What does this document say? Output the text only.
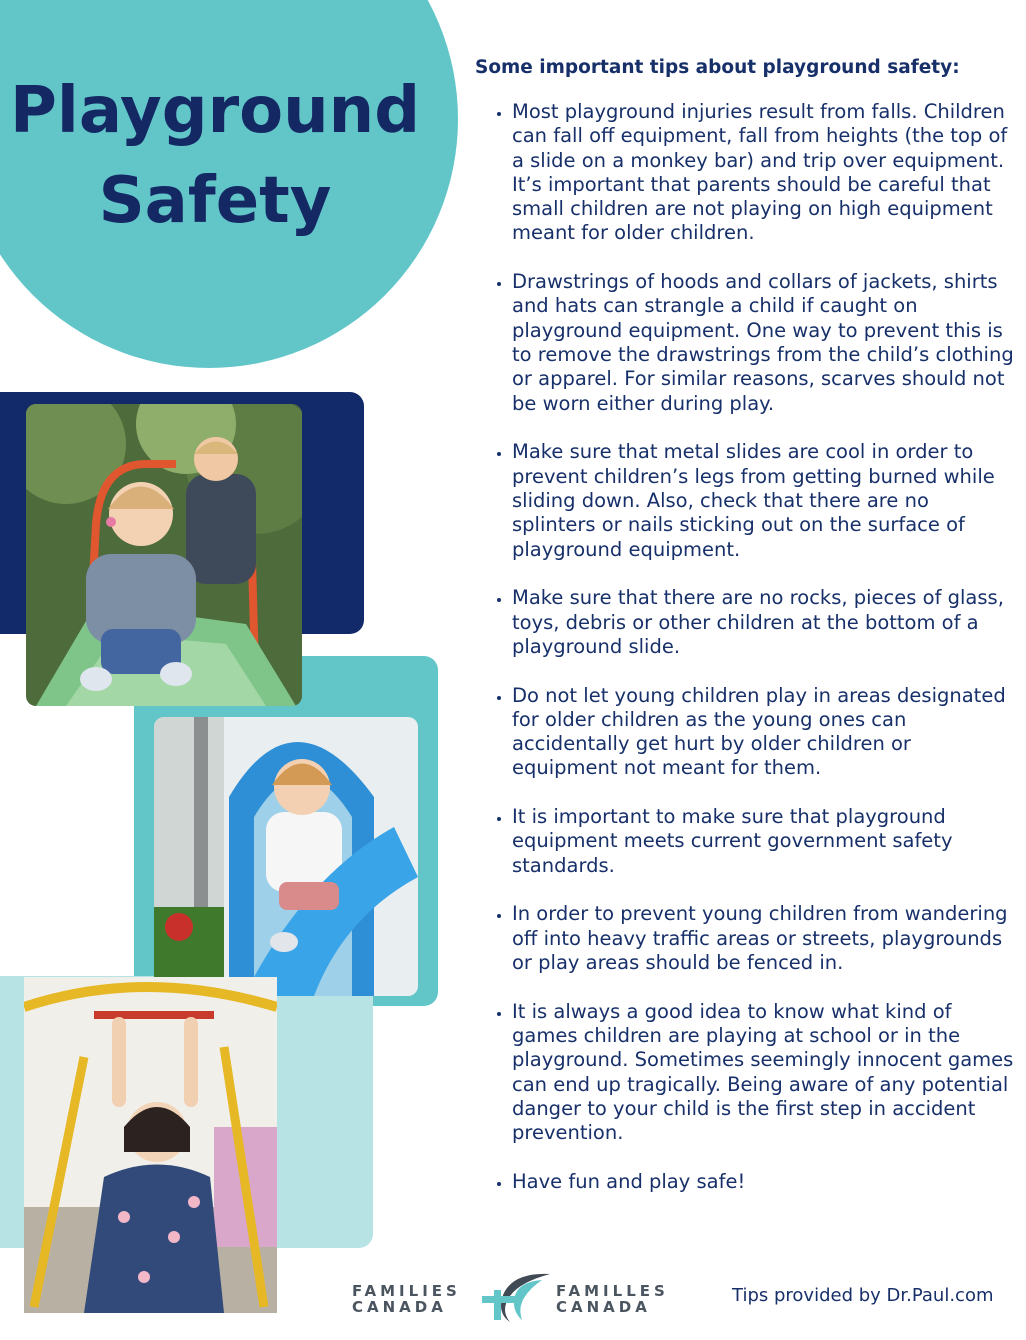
Playground
Safety

Some important tips about playground safety:

• Most playground injuries result from falls. Children can fall off equipment, fall from heights (the top of a slide on a monkey bar) and trip over equipment. It’s important that parents should be careful that small children are not playing on high equipment meant for older children.
• Drawstrings of hoods and collars of jackets, shirts and hats can strangle a child if caught on playground equipment. One way to prevent this is to remove the drawstrings from the child’s clothing or apparel. For similar reasons, scarves should not be worn either during play.
• Make sure that metal slides are cool in order to prevent children’s legs from getting burned while sliding down. Also, check that there are no splinters or nails sticking out on the surface of playground equipment.
• Make sure that there are no rocks, pieces of glass, toys, debris or other children at the bottom of a playground slide.
• Do not let young children play in areas designated for older children as the young ones can accidentally get hurt by older children or equipment not meant for them.
• It is important to make sure that playground equipment meets current government safety standards.
• In order to prevent young children from wandering off into heavy traffic areas or streets, playgrounds or play areas should be fenced in.
• It is always a good idea to know what kind of games children are playing at school or in the playground. Sometimes seemingly innocent games can end up tragically. Being aware of any potential danger to your child is the first step in accident prevention.
• Have fun and play safe!
FAMILIES
CANADA
FAMILLES
CANADA
Tips provided by Dr.Paul.com
